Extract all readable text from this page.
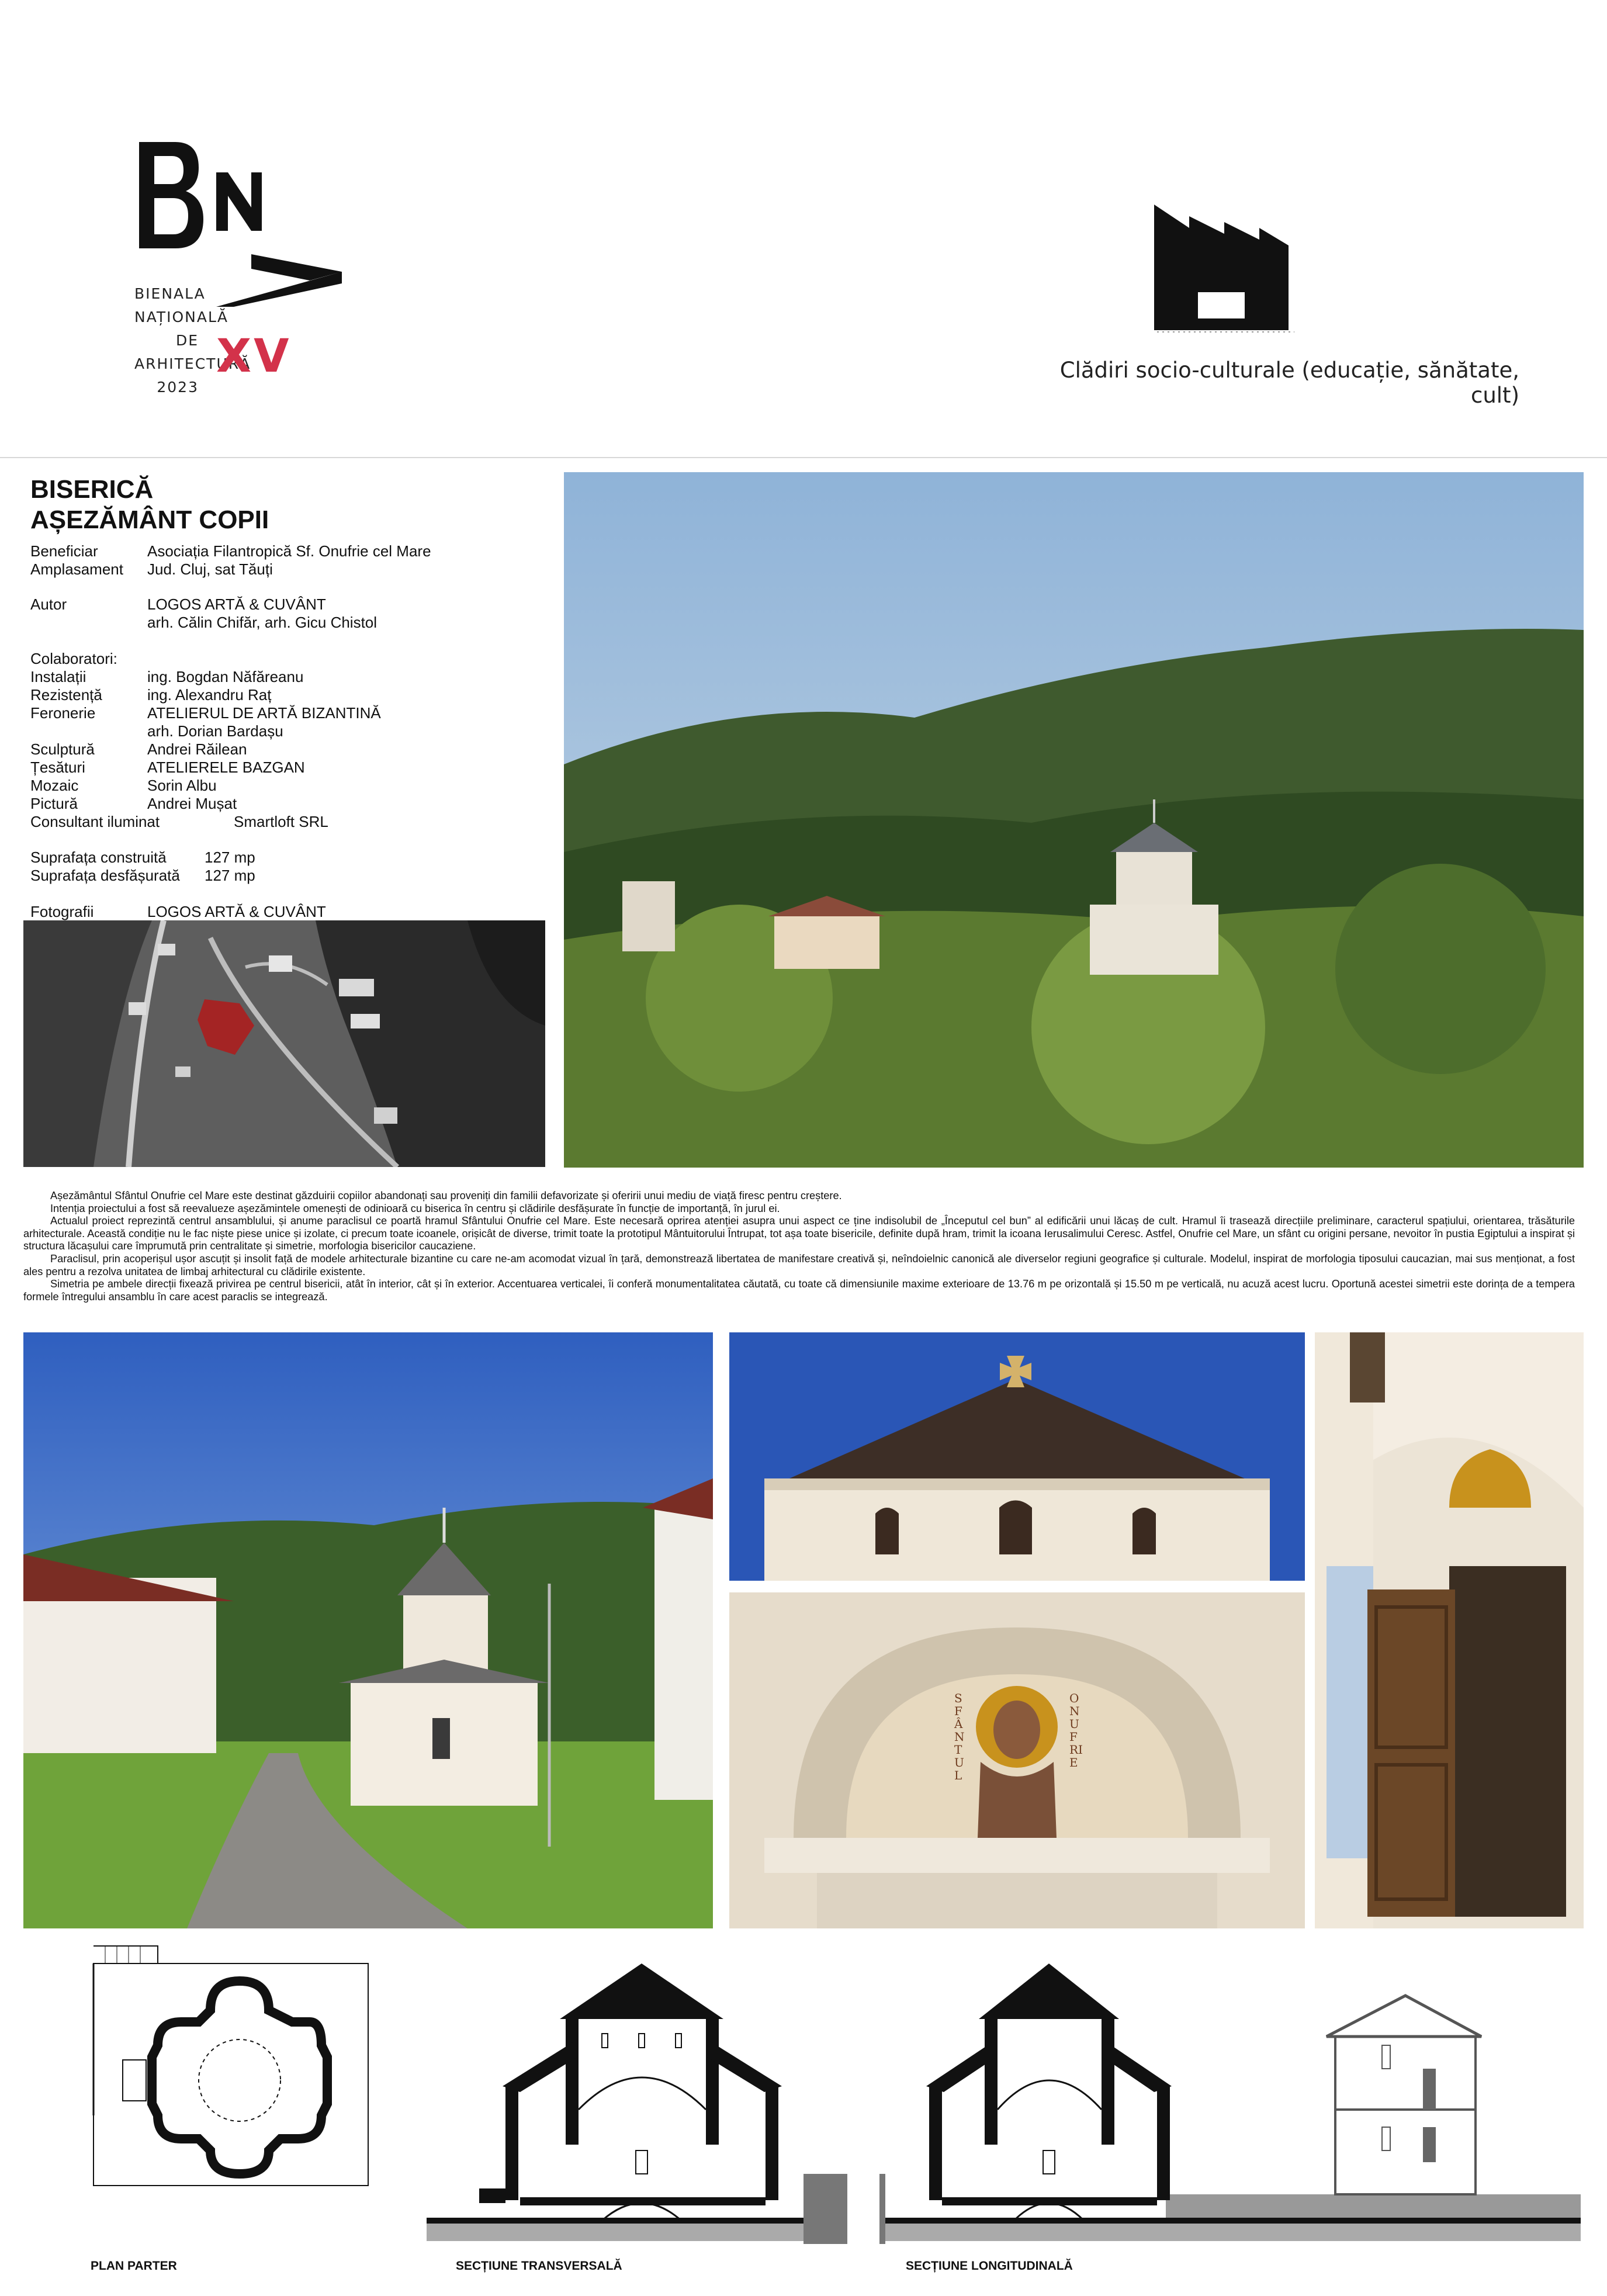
BIENALA
NAȚIONALĂ
DE
ARHITECTURĂ
2023
XV	Clădiri socio-culturale (educație, sănătate, cult)
BISERICĂ
AȘEZĂMÂNT COPII
Beneficiar	Asociația Filantropică Sf. Onufrie cel Mare
Amplasament Jud. Cluj, sat Tăuți
Autor	LOGOS ARTĂ & CUVÂNT
arh. Călin Chifăr, arh. Gicu Chistol
Colaboratori:
Instalații	ing. Bogdan Năfăreanu
Rezistență	ing. Alexandru Raț
Feronerie	ATELIERUL DE ARTĂ BIZANTINĂ
arh. Dorian Bardașu
Sculptură	Andrei Răilean
Țesături	ATELIERELE BAZGAN
Mozaic	Sorin Albu
Pictură	Andrei Mușat
Consultant iluminat	Smartloft SRL
Suprafața construită	127 mp
Suprafața desfășurată 127 mp
Fotografii	LOGOS ARTĂ & CUVÂNT

Așezământul Sfântul Onufrie cel Mare este destinat găzduirii copiilor abandonați sau proveniți din familii defavorizate și oferirii unui mediu de viață firesc pentru creștere.

Intenția proiectului a fost să reevalueze așezămintele omenești de odinioară cu biserica în centru și clădirile desfășurate în funcție de importanță, în jurul ei.

Actualul proiect reprezintă centrul ansamblului, și anume paraclisul ce poartă hramul Sfântului Onufrie cel Mare. Este necesară oprirea atenției asupra unui aspect ce ține indisolubil de „Începutul cel bun” al edificării unui lăcaș de cult. Hramul îi trasează direcțiile preliminare, caracterul spațiului, orientarea, trăsăturile arhitecturale. Această condiție nu le fac niște piese unice și izolate, ci precum toate icoanele, orișicât de diverse, trimit toate la prototipul Mântuitorului Întrupat, tot așa toate bisericile, definite după hram, trimit la icoana Ierusalimului Ceresc. Astfel, Onufrie cel Mare, un sfânt cu origini persane, nevoitor în pustia Egiptului a inspirat și structura lăcașului care împrumută prin centralitate și simetrie, morfologia bisericilor caucaziene.

Paraclisul, prin acoperișul ușor ascuțit și insolit față de modele arhitecturale bizantine cu care ne-am acomodat vizual în țară, demonstrează libertatea de manifestare creativă și, neîndoielnic canonică ale diverselor regiuni geografice și culturale. Modelul, inspirat de morfologia tiposului caucazian, mai sus menționat, a fost ales pentru a rezolva unitatea de limbaj arhitectural cu clădirile existente.

Simetria pe ambele direcții fixează privirea pe centrul bisericii, atât în interior, cât și în exterior. Accentuarea verticalei, îi conferă monumentalitatea căutată, cu toate că dimensiunile maxime exterioare de 13.76 m pe orizontală și 15.50 m pe verticală, nu acuză acest lucru. Oportună acestei simetrii este dorința de a tempera formele întregului ansamblu în care acest paraclis se integrează.

SFÂNTUL
ONUFRIE
PLAN PARTER	SECȚIUNE TRANSVERSALĂ	SECȚIUNE LONGITUDINALĂ
